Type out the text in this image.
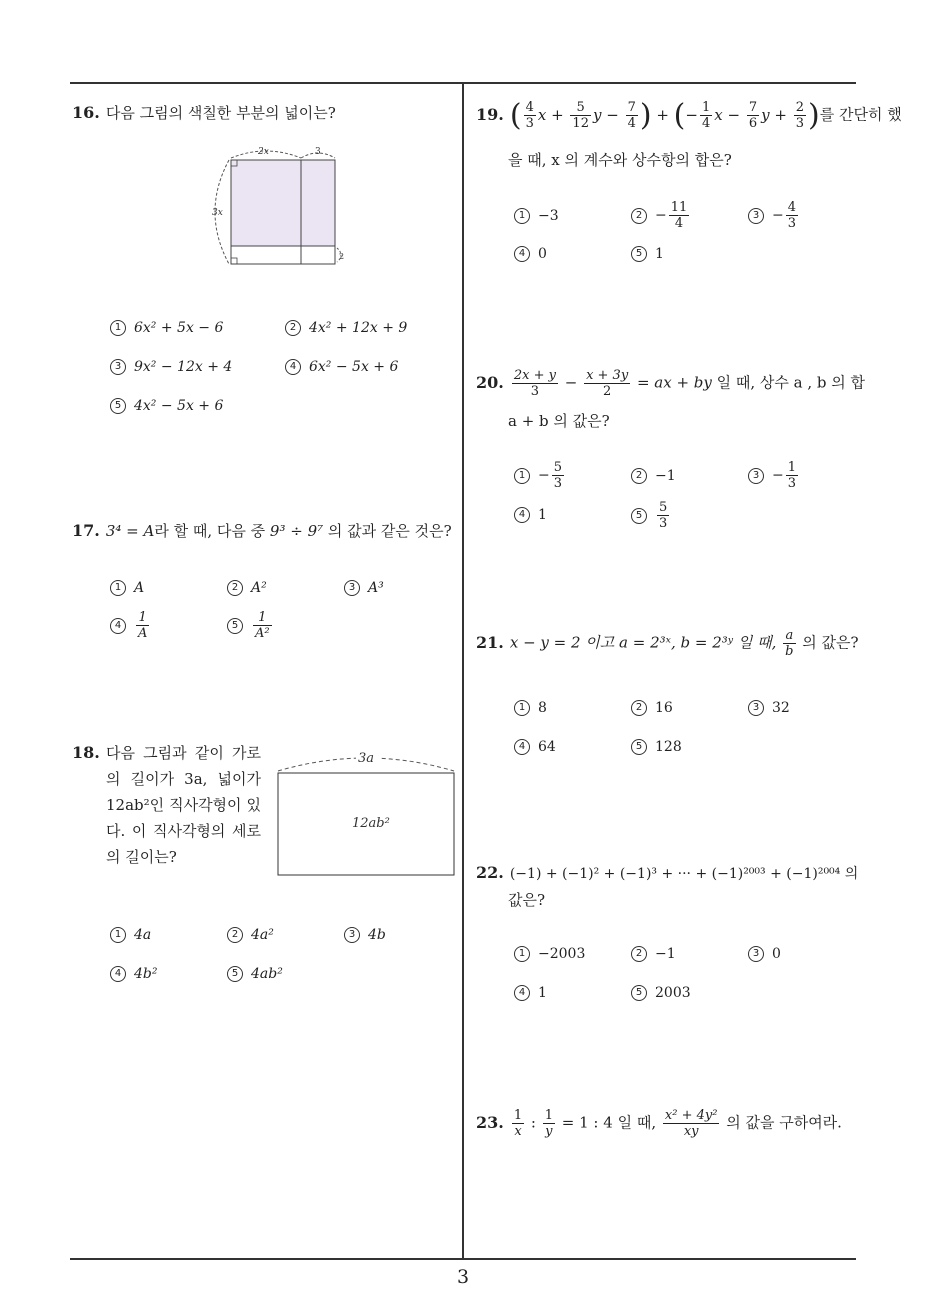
16. 다음 그림의 색칠한 부분의 넓이는?
2x	3
3x
2
1 6x² + 5x − 6	2 4x² + 12x + 9
3 9x² − 12x + 4	4 6x² − 5x + 6
5 4x² − 5x + 6
17. 3⁴ = A라 할 때, 다음 중 9³ ÷ 9⁷ 의 값과 같은 것은?
1 A	2 A²	3 A³
$4 \frac{1}{A}$	$5 \frac{1}{\text{A²}}$
18. 다음 그림과 같이 가로의 길이가 3a, 넓이가 12ab²인 직사각형이 있다. 이 직사각형의 세로의 길이는?
3a
12ab²
1 4a	2 4a²	3 4b
4 4b²	5 4ab²
19. ( $\frac{4}{3}$ $x + \frac{5}{12}$ $y - \frac{7}{4}$ ) + (− $\frac{1}{4}$ $x - \frac{7}{6}$ $y + \frac{2}{3}$ )를 간단히 했
을 때, x 의 계수와 상수항의 합은?
1 −3	$2 - \frac{11}{4}$	$3 - \frac{4}{3}$
4 0	5 1
20. $\frac{2x + y}{3} - \frac{x + 3y}{2}$ = ax + by 일 때, 상수 a , b 의 합
a + b 의 값은?
$1 - \frac{5}{3}$	2 −1	$3 - \frac{1}{3}$
4 1	$5 \frac{5}{3}$
21. x − y = 2 이고 a = 2³ˣ, b = 2³ʸ 일 때, $\frac{a}{b}$ 의 값은?
1 8	2 16	3 32
4 64	5 128
22. (−1) + (−1)² + (−1)³ + ··· + (−1)²⁰⁰³ + (−1)²⁰⁰⁴ 의
값은?
1 −2003	2 −1	3 0
4 1	5 2003
23. $\frac{1}{x}$ : $\frac{1}{y} = 1$ : 4 일 때, $\frac{\text{x² + 4y²}}{xy}$ 의 값을 구하여라.
3
